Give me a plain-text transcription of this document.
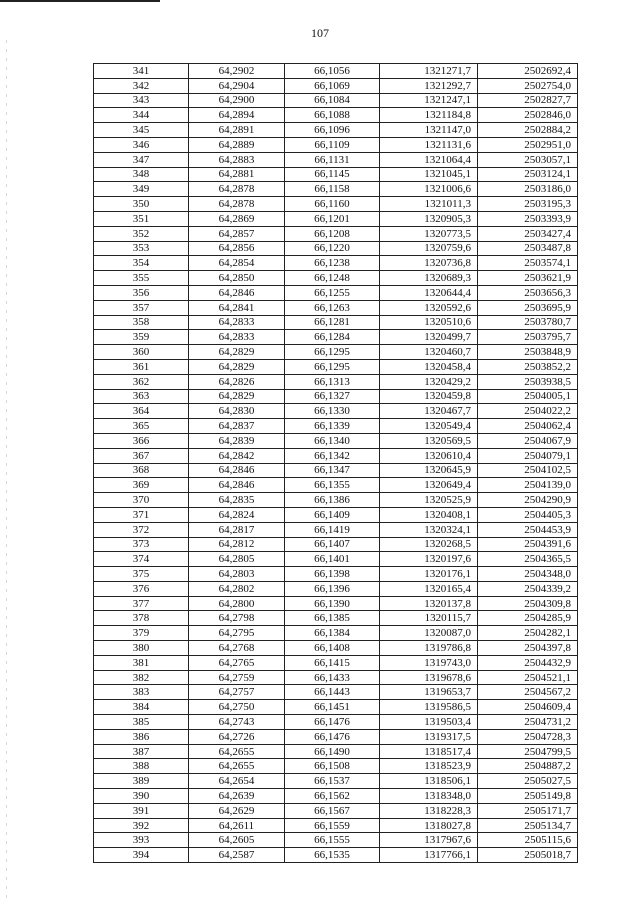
107
341	64,2902	66,1056	1321271,7	2502692,4
342	64,2904	66,1069	1321292,7	2502754,0
343	64,2900	66,1084	1321247,1	2502827,7
344	64,2894	66,1088	1321184,8	2502846,0
345	64,2891	66,1096	1321147,0	2502884,2
346	64,2889	66,1109	1321131,6	2502951,0
347	64,2883	66,1131	1321064,4	2503057,1
348	64,2881	66,1145	1321045,1	2503124,1
349	64,2878	66,1158	1321006,6	2503186,0
350	64,2878	66,1160	1321011,3	2503195,3
351	64,2869	66,1201	1320905,3	2503393,9
352	64,2857	66,1208	1320773,5	2503427,4
353	64,2856	66,1220	1320759,6	2503487,8
354	64,2854	66,1238	1320736,8	2503574,1
355	64,2850	66,1248	1320689,3	2503621,9
356	64,2846	66,1255	1320644,4	2503656,3
357	64,2841	66,1263	1320592,6	2503695,9
358	64,2833	66,1281	1320510,6	2503780,7
359	64,2833	66,1284	1320499,7	2503795,7
360	64,2829	66,1295	1320460,7	2503848,9
361	64,2829	66,1295	1320458,4	2503852,2
362	64,2826	66,1313	1320429,2	2503938,5
363	64,2829	66,1327	1320459,8	2504005,1
364	64,2830	66,1330	1320467,7	2504022,2
365	64,2837	66,1339	1320549,4	2504062,4
366	64,2839	66,1340	1320569,5	2504067,9
367	64,2842	66,1342	1320610,4	2504079,1
368	64,2846	66,1347	1320645,9	2504102,5
369	64,2846	66,1355	1320649,4	2504139,0
370	64,2835	66,1386	1320525,9	2504290,9
371	64,2824	66,1409	1320408,1	2504405,3
372	64,2817	66,1419	1320324,1	2504453,9
373	64,2812	66,1407	1320268,5	2504391,6
374	64,2805	66,1401	1320197,6	2504365,5
375	64,2803	66,1398	1320176,1	2504348,0
376	64,2802	66,1396	1320165,4	2504339,2
377	64,2800	66,1390	1320137,8	2504309,8
378	64,2798	66,1385	1320115,7	2504285,9
379	64,2795	66,1384	1320087,0	2504282,1
380	64,2768	66,1408	1319786,8	2504397,8
381	64,2765	66,1415	1319743,0	2504432,9
382	64,2759	66,1433	1319678,6	2504521,1
383	64,2757	66,1443	1319653,7	2504567,2
384	64,2750	66,1451	1319586,5	2504609,4
385	64,2743	66,1476	1319503,4	2504731,2
386	64,2726	66,1476	1319317,5	2504728,3
387	64,2655	66,1490	1318517,4	2504799,5
388	64,2655	66,1508	1318523,9	2504887,2
389	64,2654	66,1537	1318506,1	2505027,5
390	64,2639	66,1562	1318348,0	2505149,8
391	64,2629	66,1567	1318228,3	2505171,7
392	64,2611	66,1559	1318027,8	2505134,7
393	64,2605	66,1555	1317967,6	2505115,6
394	64,2587	66,1535	1317766,1	2505018,7
